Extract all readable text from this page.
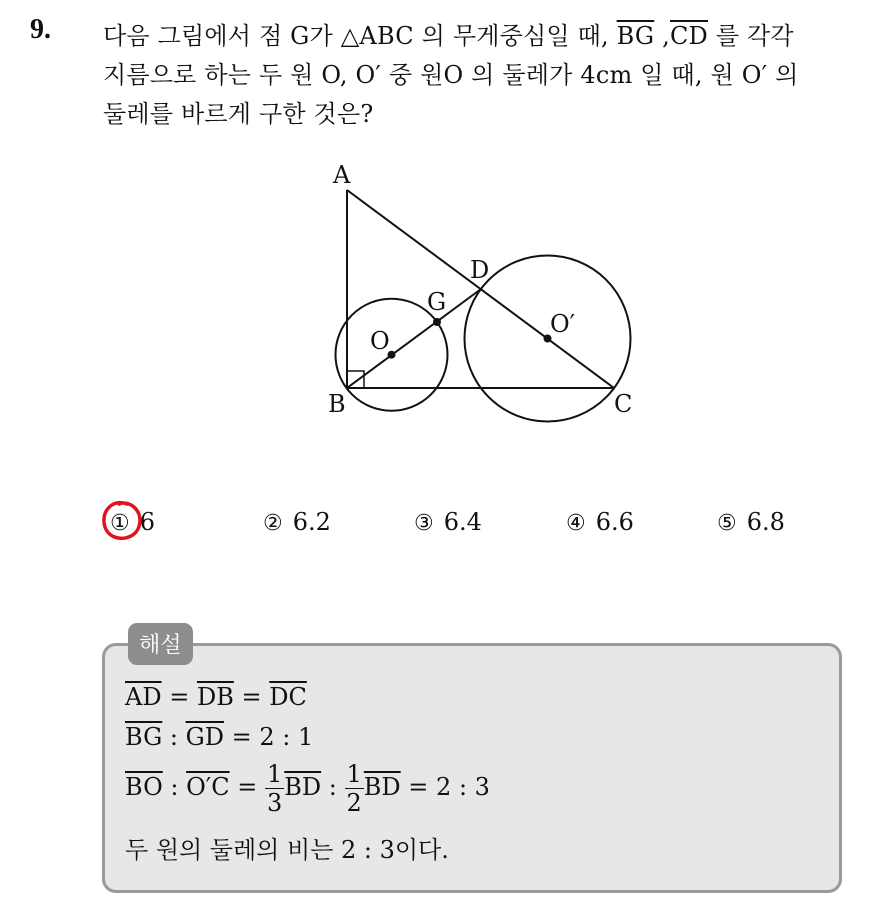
9. 다음 그림에서 점 G가 △ABC 의 무게중심일 때, $\overline{BG}$ $,\overline{CD}$ 를 각각
지름으로 하는 두 원 O, O′ 중 원O 의 둘레가 4cm 일 때, 원 O′ 의
둘레를 바르게 구한 것은?
A
B	C
D
G
O
O′
① 6	② 6.2	③ 6.4	④ 6.6	⑤ 6.8
해설
$\overline{AD} = \overline{DB} = \overline{DC}$
$\overline{BG}$ : $\overline{GD} = 2$ : 1
$\overline{BO}$ : $O'C = \frac{1}{3} \overline{BD}$ : $\frac{1}{2} \overline{BD} = 2$ : 3
두 원의 둘레의 비는 2 : 3이다.
